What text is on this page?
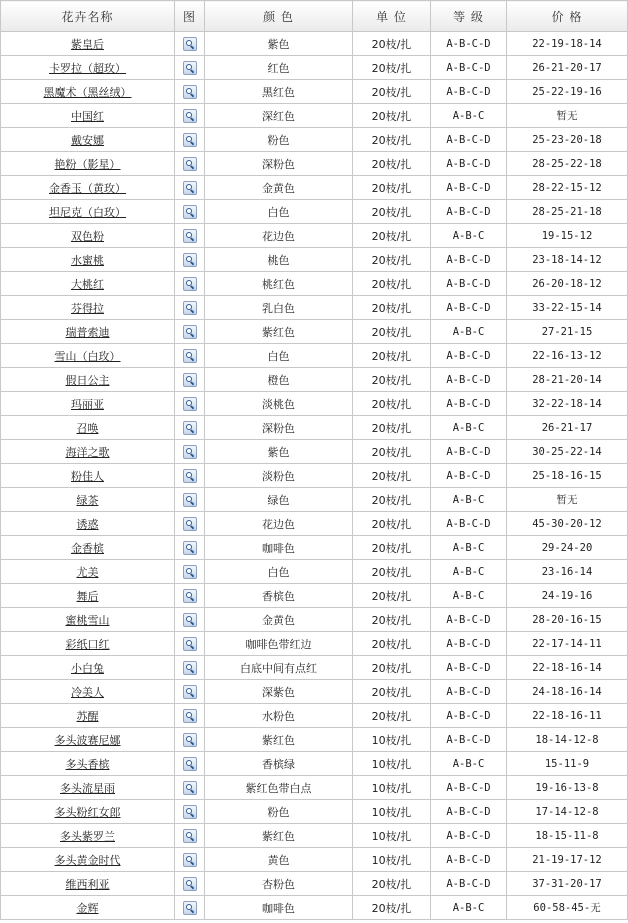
花卉名称	图	颜 色	单 位	等 级	价 格
紫皇后		紫色	20枝/扎	A-B-C-D	22-19-18-14
卡罗拉（超玫）		红色	20枝/扎	A-B-C-D	26-21-20-17
黑魔术（黑丝绒）		黑红色	20枝/扎	A-B-C-D	25-22-19-16
中国红		深红色	20枝/扎	A-B-C	暂无
戴安娜		粉色	20枝/扎	A-B-C-D	25-23-20-18
艳粉（影星）		深粉色	20枝/扎	A-B-C-D	28-25-22-18
金香玉（黄玫）		金黄色	20枝/扎	A-B-C-D	28-22-15-12
坦尼克（白玫）		白色	20枝/扎	A-B-C-D	28-25-21-18
双色粉		花边色	20枝/扎	A-B-C	19-15-12
水蜜桃		桃色	20枝/扎	A-B-C-D	23-18-14-12
大桃红		桃红色	20枝/扎	A-B-C-D	26-20-18-12
芬得拉		乳白色	20枝/扎	A-B-C-D	33-22-15-14
瑞普索迪		紫红色	20枝/扎	A-B-C	27-21-15
雪山（白玫）		白色	20枝/扎	A-B-C-D	22-16-13-12
假日公主		橙色	20枝/扎	A-B-C-D	28-21-20-14
玛丽亚		淡桃色	20枝/扎	A-B-C-D	32-22-18-14
召唤		深粉色	20枝/扎	A-B-C	26-21-17
海洋之歌		紫色	20枝/扎	A-B-C-D	30-25-22-14
粉佳人		淡粉色	20枝/扎	A-B-C-D	25-18-16-15
绿茶		绿色	20枝/扎	A-B-C	暂无
诱惑		花边色	20枝/扎	A-B-C-D	45-30-20-12
金香槟		咖啡色	20枝/扎	A-B-C	29-24-20
尤美		白色	20枝/扎	A-B-C	23-16-14
舞后		香槟色	20枝/扎	A-B-C	24-19-16
蜜桃雪山		金黄色	20枝/扎	A-B-C-D	28-20-16-15
彩纸口红		咖啡色带红边	20枝/扎	A-B-C-D	22-17-14-11
小白兔		白底中间有点红	20枝/扎	A-B-C-D	22-18-16-14
冷美人		深紫色	20枝/扎	A-B-C-D	24-18-16-14
苏醒		水粉色	20枝/扎	A-B-C-D	22-18-16-11
多头波赛尼娜		紫红色	10枝/扎	A-B-C-D	18-14-12-8
多头香槟		香槟绿	10枝/扎	A-B-C	15-11-9
多头流星雨		紫红色带白点	10枝/扎	A-B-C-D	19-16-13-8
多头粉红女郎		粉色	10枝/扎	A-B-C-D	17-14-12-8
多头紫罗兰		紫红色	10枝/扎	A-B-C-D	18-15-11-8
多头黄金时代		黄色	10枝/扎	A-B-C-D	21-19-17-12
维西利亚		杏粉色	20枝/扎	A-B-C-D	37-31-20-17
金辉		咖啡色	20枝/扎	A-B-C	60-58-45-无
